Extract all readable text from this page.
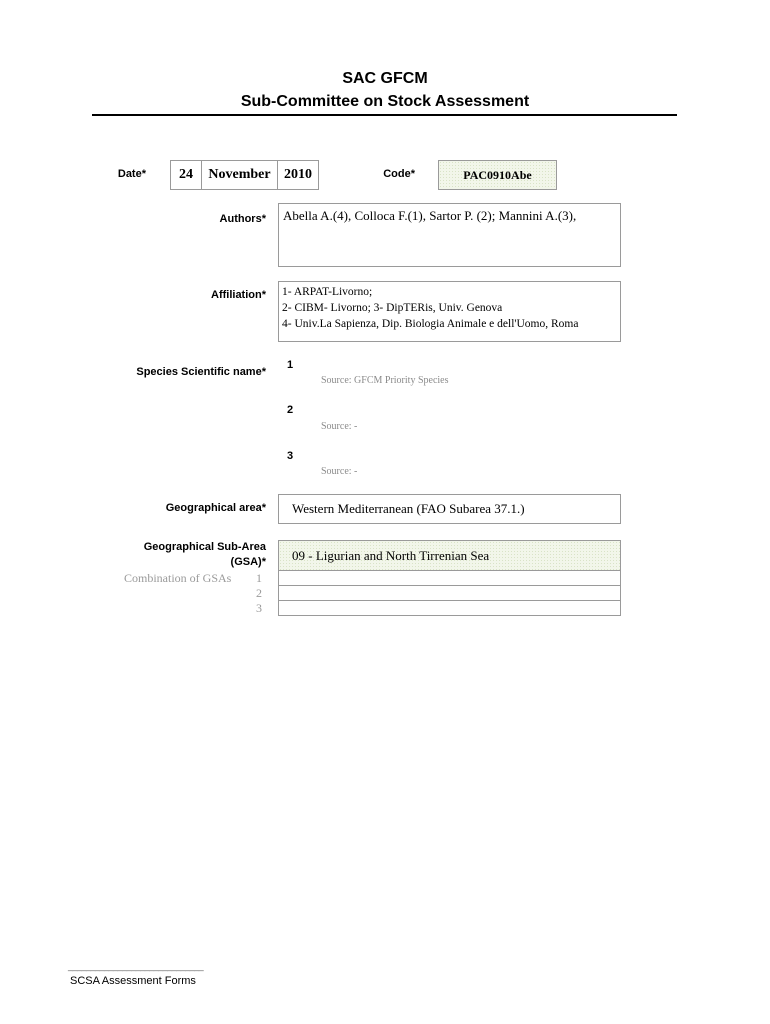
SAC GFCM
Sub-Committee on Stock Assessment
Date*	24	November 2010	Code*	PAC0910Abe
Authors*	Abella A.(4), Colloca F.(1), Sartor P. (2); Mannini A.(3),
Affiliation* 1- ARPAT-Livorno;
2- CIBM- Livorno; 3- DipTERis, Univ. Genova
4- Univ.La Sapienza, Dip. Biologia Animale e dell'Uomo, Roma
Species Scientific name*
1
Source: GFCM Priority Species
2
Source: -
3
Source: -
Geographical area*	Western Mediterranean (FAO Subarea 37.1.)
Geographical Sub-Area
(GSA)*	09 - Ligurian and North Tirrenian Sea
Combination of GSAs 1
2
3
______________________________
SCSA Assessment Forms
